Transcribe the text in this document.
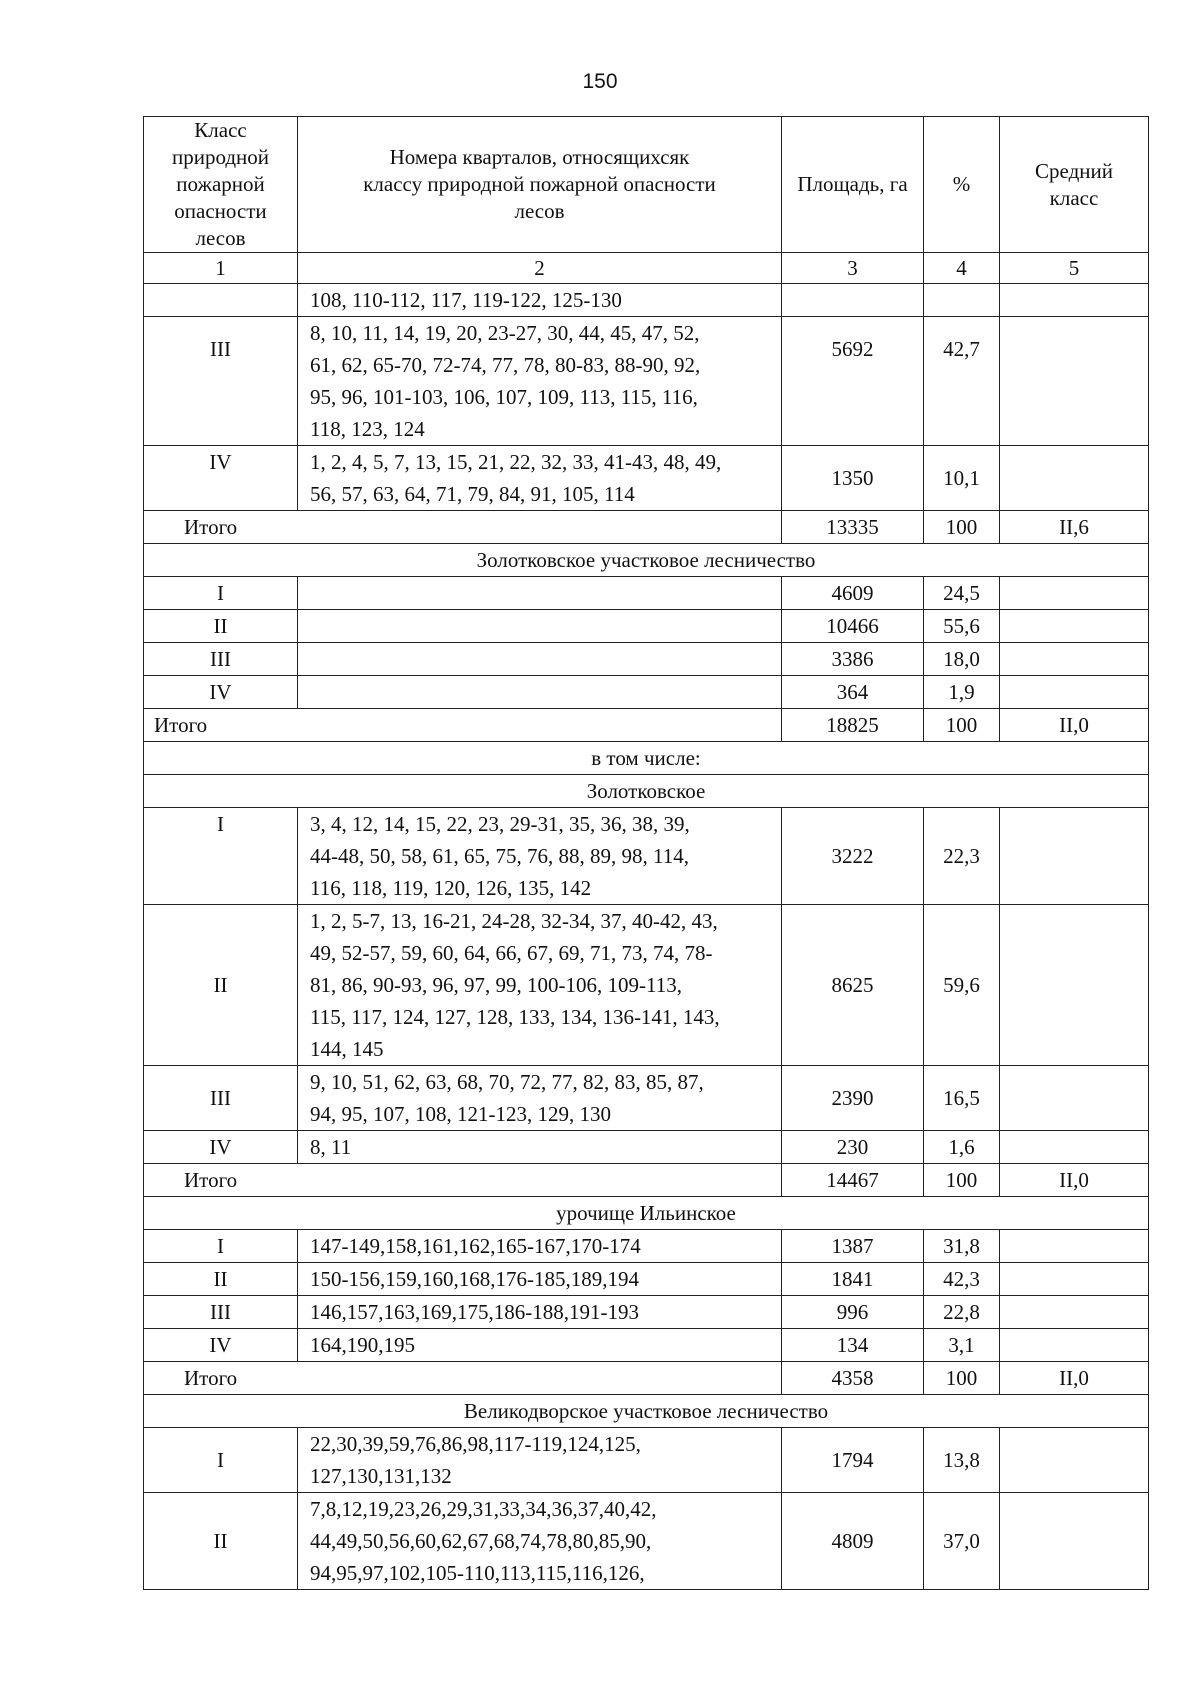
150
Класс природной пожарной опасности лесов	Номера кварталов, относящихсяк классу природной пожарной опасности лесов	Площадь, га	%	Средний класс
1	2	3	4	5
	108, 110-112, 117, 119-122, 125-130			
III	8, 10, 11, 14, 19, 20, 23-27, 30, 44, 45, 47, 52,
61, 62, 65-70, 72-74, 77, 78, 80-83, 88-90, 92,
95, 96, 101-103, 106, 107, 109, 113, 115, 116,
118, 123, 124	5692	42,7	
IV	1, 2, 4, 5, 7, 13, 15, 21, 22, 32, 33, 41-43, 48, 49,
56, 57, 63, 64, 71, 79, 84, 91, 105, 114	1350	10,1	
Итого		13335	100	II,6
Золотковское участковое лесничество				
I		4609	24,5	
II		10466	55,6	
III		3386	18,0	
IV		364	1,9	
Итого		18825	100	II,0
в том числе:				
Золотковское				
I	3, 4, 12, 14, 15, 22, 23, 29-31, 35, 36, 38, 39,
44-48, 50, 58, 61, 65, 75, 76, 88, 89, 98, 114,
116, 118, 119, 120, 126, 135, 142	3222	22,3	
II	1, 2, 5-7, 13, 16-21, 24-28, 32-34, 37, 40-42, 43,
49, 52-57, 59, 60, 64, 66, 67, 69, 71, 73, 74, 78-
81, 86, 90-93, 96, 97, 99, 100-106, 109-113,
115, 117, 124, 127, 128, 133, 134, 136-141, 143,
144, 145	8625	59,6	
III	9, 10, 51, 62, 63, 68, 70, 72, 77, 82, 83, 85, 87,
94, 95, 107, 108, 121-123, 129, 130	2390	16,5	
IV	8, 11	230	1,6	
Итого		14467	100	II,0
урочище Ильинское				
I	147-149,158,161,162,165-167,170-174	1387	31,8	
II	150-156,159,160,168,176-185,189,194	1841	42,3	
III	146,157,163,169,175,186-188,191-193	996	22,8	
IV	164,190,195	134	3,1	
Итого		4358	100	II,0
Великодворское участковое лесничество				
I	22,30,39,59,76,86,98,117-119,124,125,
127,130,131,132	1794	13,8	
II	7,8,12,19,23,26,29,31,33,34,36,37,40,42,
44,49,50,56,60,62,67,68,74,78,80,85,90,
94,95,97,102,105-110,113,115,116,126,	4809	37,0	
